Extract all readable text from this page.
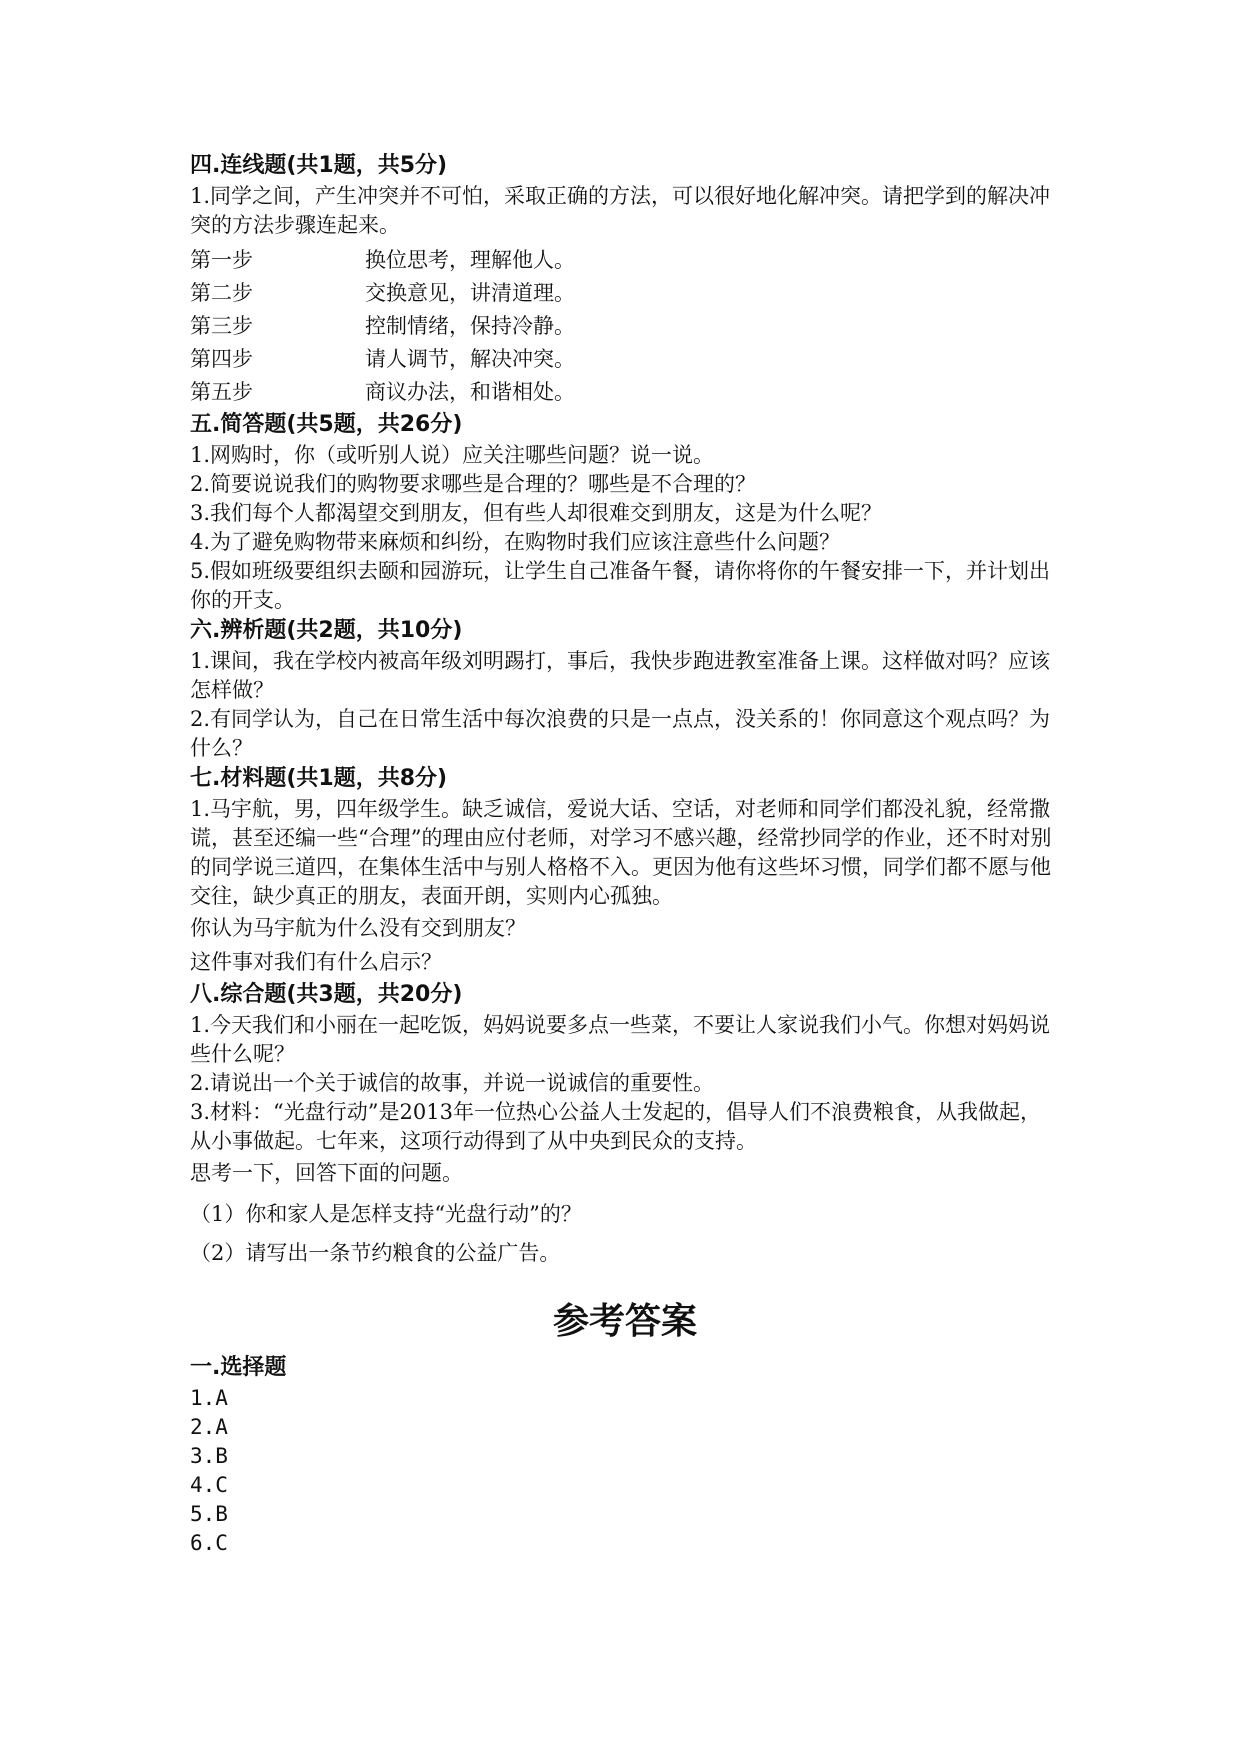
四.连线题(共1题，共5分)

1.同学之间，产生冲突并不可怕，采取正确的方法，可以很好地化解冲突。请把学到的解决冲突的方法步骤连起来。

第一步	换位思考，理解他人。
第二步	交换意见，讲清道理。
第三步	控制情绪，保持冷静。
第四步	请人调节，解决冲突。
第五步	商议办法，和谐相处。

五.简答题(共5题，共26分)

1.网购时，你（或听别人说）应关注哪些问题？说一说。

2.简要说说我们的购物要求哪些是合理的？哪些是不合理的？

3.我们每个人都渴望交到朋友，但有些人却很难交到朋友，这是为什么呢？

4.为了避免购物带来麻烦和纠纷，在购物时我们应该注意些什么问题？

5.假如班级要组织去颐和园游玩，让学生自己准备午餐，请你将你的午餐安排一下，并计划出你的开支。

六.辨析题(共2题，共10分)

1.课间，我在学校内被高年级刘明踢打，事后，我快步跑进教室准备上课。这样做对吗？应该怎样做？

2.有同学认为，自己在日常生活中每次浪费的只是一点点，没关系的！你同意这个观点吗？为什么？

七.材料题(共1题，共8分)

1.马宇航，男，四年级学生。缺乏诚信，爱说大话、空话，对老师和同学们都没礼貌，经常撒谎，甚至还编一些“合理”的理由应付老师，对学习不感兴趣，经常抄同学的作业，还不时对别的同学说三道四，在集体生活中与别人格格不入。更因为他有这些坏习惯，同学们都不愿与他交往，缺少真正的朋友，表面开朗，实则内心孤独。

你认为马宇航为什么没有交到朋友？

这件事对我们有什么启示？

八.综合题(共3题，共20分)

1.今天我们和小丽在一起吃饭，妈妈说要多点一些菜，不要让人家说我们小气。你想对妈妈说些什么呢？

2.请说出一个关于诚信的故事，并说一说诚信的重要性。

3.材料：“光盘行动”是2013年一位热心公益人士发起的，倡导人们不浪费粮食，从我做起，从小事做起。七年来，这项行动得到了从中央到民众的支持。

思考一下，回答下面的问题。

（1）你和家人是怎样支持“光盘行动”的？

（2）请写出一条节约粮食的公益广告。

参考答案

一.选择题

1.A

2.A

3.B

4.C

5.B

6.C
